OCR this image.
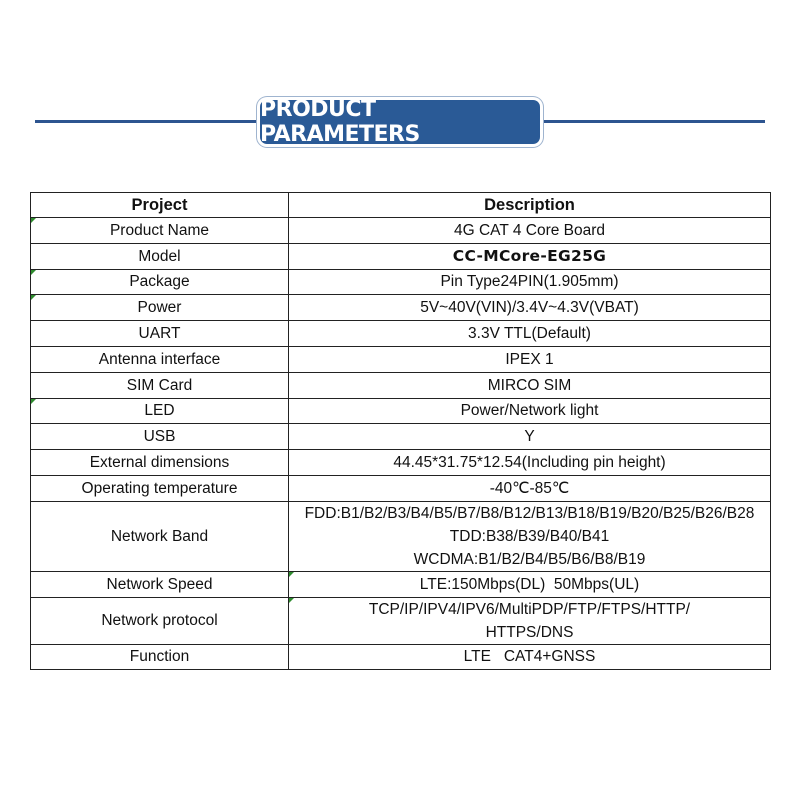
PRODUCT PARAMETERS
Project	Description
Product Name	4G CAT 4 Core Board
Model	CC-MCore-EG25G
Package	Pin Type24PIN(1.905mm)
Power	5V~40V(VIN)/3.4V~4.3V(VBAT)
UART	3.3V TTL(Default)
Antenna interface	IPEX 1
SIM Card	MIRCO SIM
LED	Power/Network light
USB	Y
External dimensions	44.45*31.75*12.54(Including pin height)
Operating temperature	-40℃-85℃
Network Band	FDD:B1/B2/B3/B4/B5/B7/B8/B12/B13/B18/B19/B20/B25/B26/B28
TDD:B38/B39/B40/B41
WCDMA:B1/B2/B4/B5/B6/B8/B19

Network Speed	LTE:150Mbps(DL)  50Mbps(UL)
Network protocol	TCP/IP/IPV4/IPV6/MultiPDP/FTP/FTPS/HTTP/
HTTPS/DNS

Function	LTE   CAT4+GNSS
